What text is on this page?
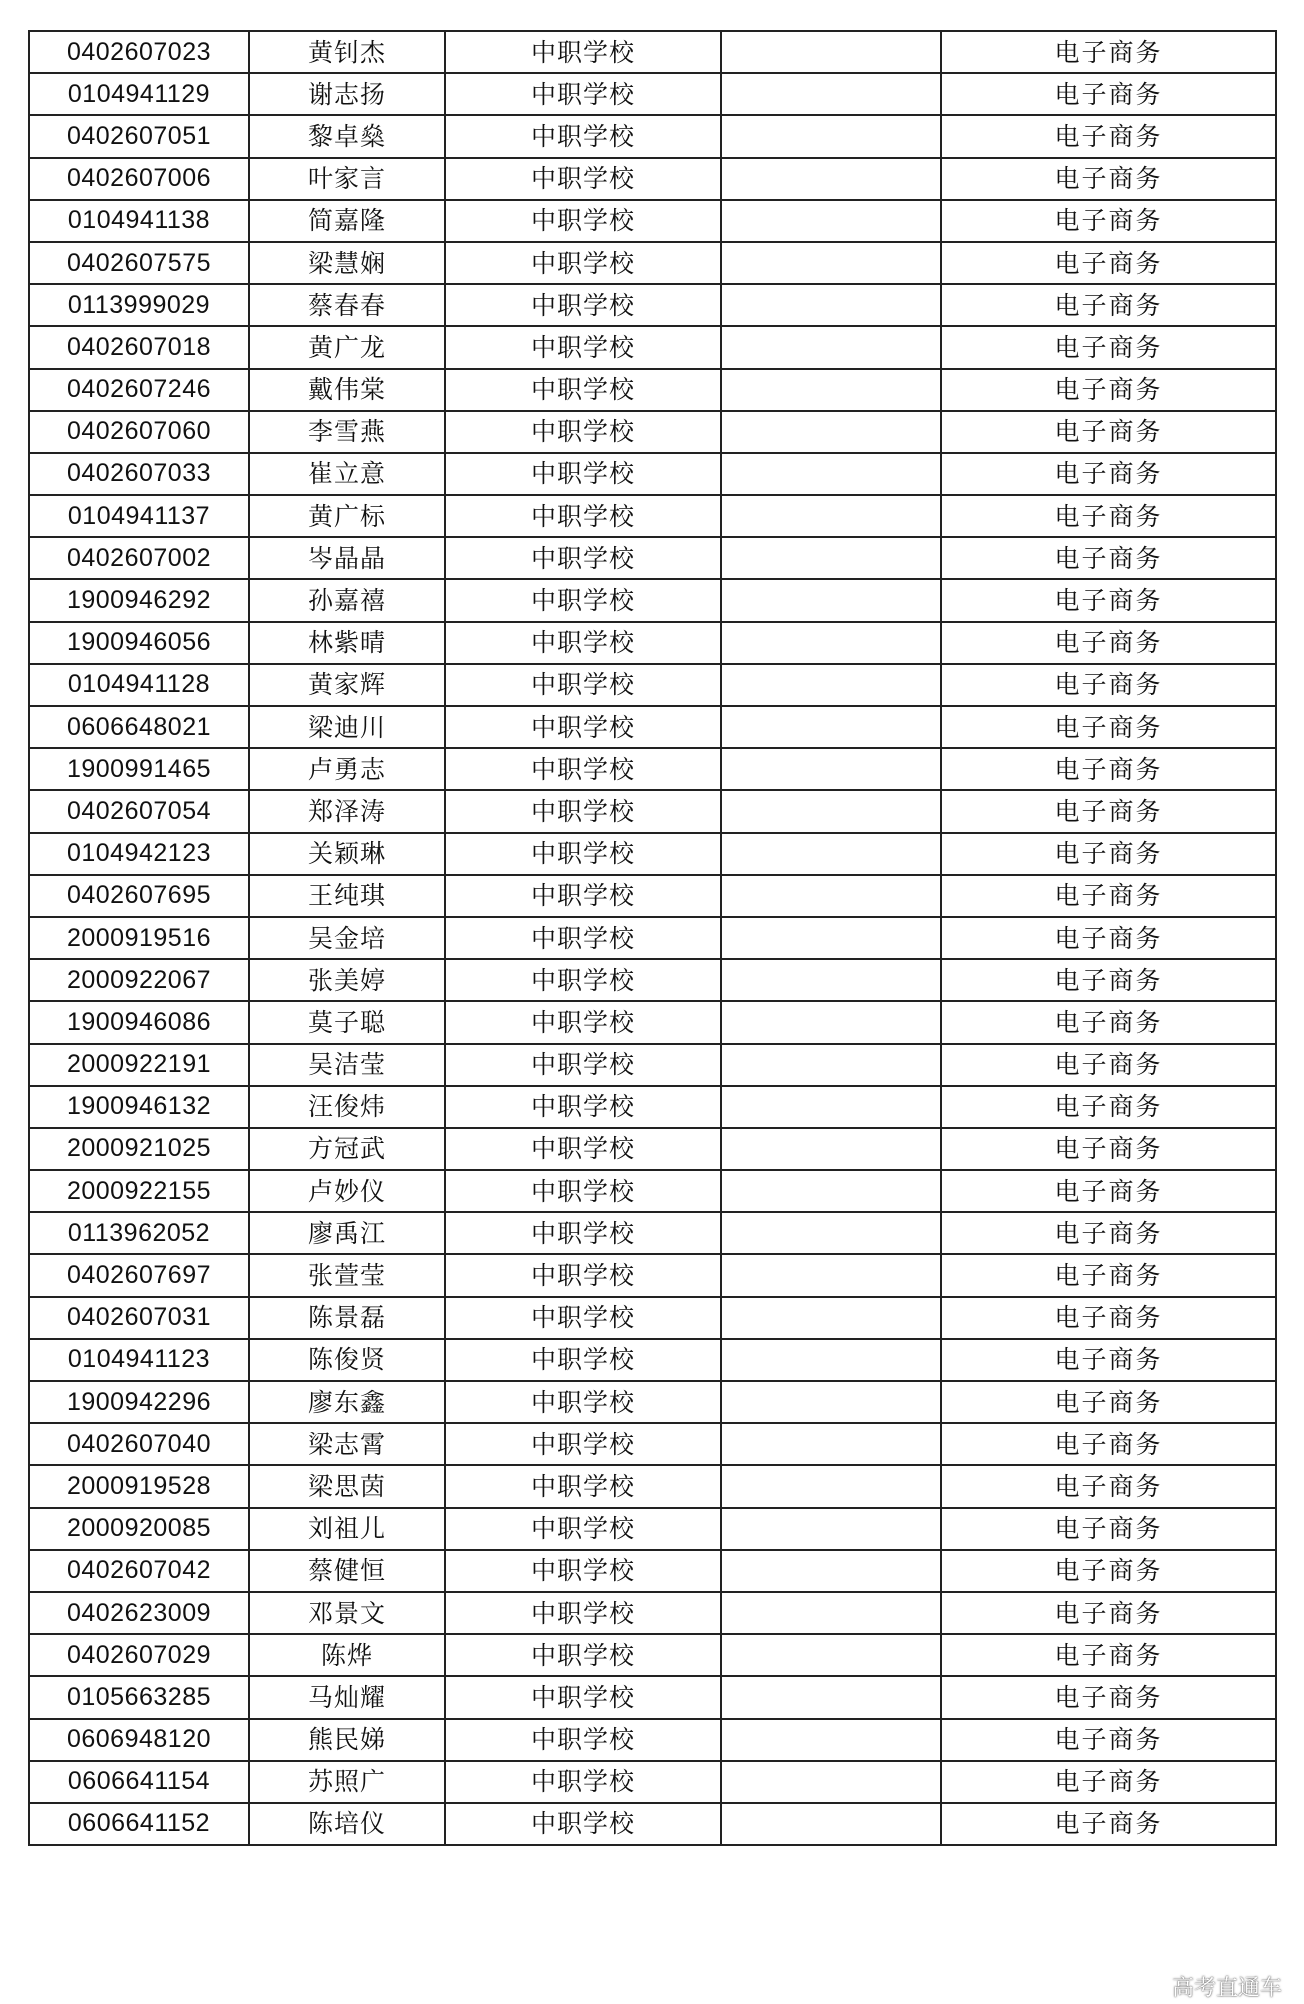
0402607023	黄钊杰	中职学校		电子商务
0104941129	谢志扬	中职学校		电子商务
0402607051	黎卓燊	中职学校		电子商务
0402607006	叶家言	中职学校		电子商务
0104941138	简嘉隆	中职学校		电子商务
0402607575	梁慧娴	中职学校		电子商务
0113999029	蔡春春	中职学校		电子商务
0402607018	黄广龙	中职学校		电子商务
0402607246	戴伟棠	中职学校		电子商务
0402607060	李雪燕	中职学校		电子商务
0402607033	崔立意	中职学校		电子商务
0104941137	黄广标	中职学校		电子商务
0402607002	岑晶晶	中职学校		电子商务
1900946292	孙嘉禧	中职学校		电子商务
1900946056	林紫晴	中职学校		电子商务
0104941128	黄家辉	中职学校		电子商务
0606648021	梁迪川	中职学校		电子商务
1900991465	卢勇志	中职学校		电子商务
0402607054	郑泽涛	中职学校		电子商务
0104942123	关颖琳	中职学校		电子商务
0402607695	王纯琪	中职学校		电子商务
2000919516	吴金培	中职学校		电子商务
2000922067	张美婷	中职学校		电子商务
1900946086	莫子聪	中职学校		电子商务
2000922191	吴洁莹	中职学校		电子商务
1900946132	汪俊炜	中职学校		电子商务
2000921025	方冠武	中职学校		电子商务
2000922155	卢妙仪	中职学校		电子商务
0113962052	廖禹江	中职学校		电子商务
0402607697	张萱莹	中职学校		电子商务
0402607031	陈景磊	中职学校		电子商务
0104941123	陈俊贤	中职学校		电子商务
1900942296	廖东鑫	中职学校		电子商务
0402607040	梁志霄	中职学校		电子商务
2000919528	梁思茵	中职学校		电子商务
2000920085	刘祖儿	中职学校		电子商务
0402607042	蔡健恒	中职学校		电子商务
0402623009	邓景文	中职学校		电子商务
0402607029	陈烨	中职学校		电子商务
0105663285	马灿耀	中职学校		电子商务
0606948120	熊民娣	中职学校		电子商务
0606641154	苏照广	中职学校		电子商务
0606641152	陈培仪	中职学校		电子商务
高考直通车
